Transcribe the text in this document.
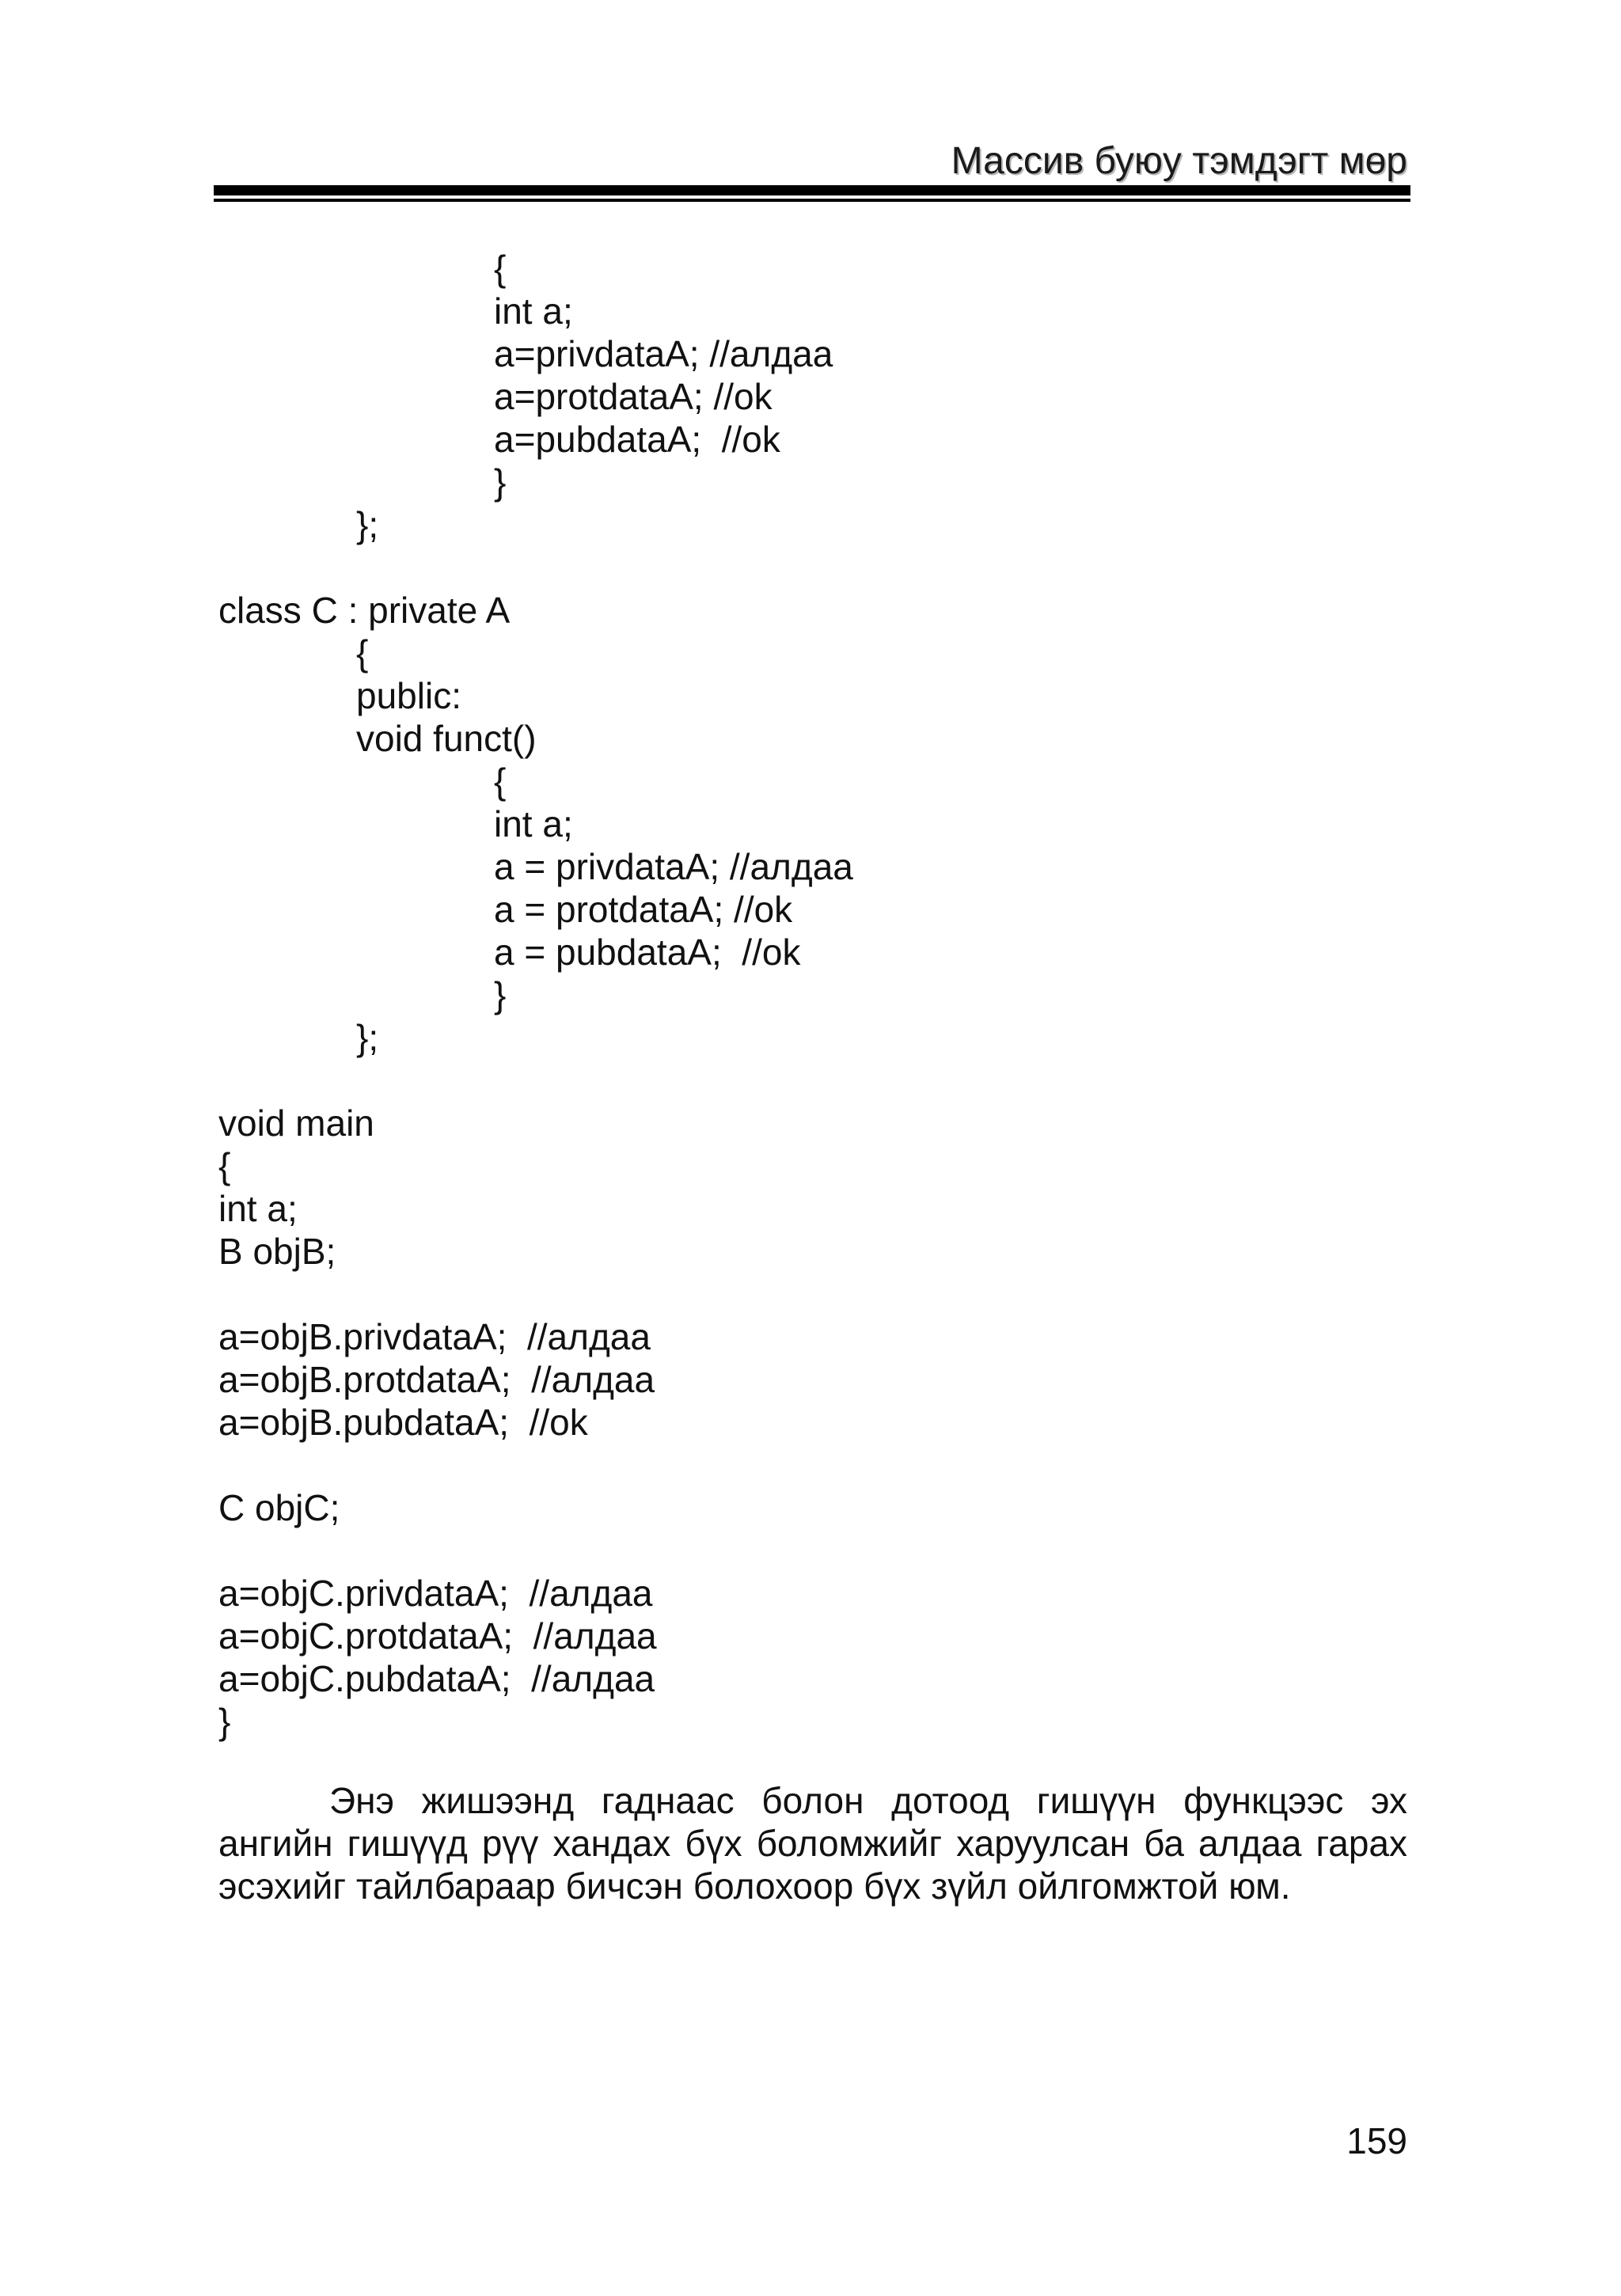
Массив буюу тэмдэгт мөр
{
int a;
a=privdataA; //алдаа
a=protdataA; //ok
a=pubdataA;  //ok
}
};
class C : private A
{
public:
void funct()
{
int a;
a = privdataA; //алдаа
a = protdataA; //ok
a = pubdataA;  //ok
}
};
void main
{
int a;
B objB;
a=objB.privdataA;  //алдаа
a=objB.protdataA;  //алдаа
a=objB.pubdataA;  //ok
C objC;
a=objC.privdataA;  //алдаа
a=objC.protdataA;  //алдаа
a=objC.pubdataA;  //алдаа
}

Энэ жишээнд гаднаас болон дотоод гишүүн функцээс эх ангийн гишүүд рүү хандах бүх боломжийг харуулсан ба алдаа гарах эсэхийг тайлбараар бичсэн болохоор бүх зүйл ойлгомжтой юм.

159
